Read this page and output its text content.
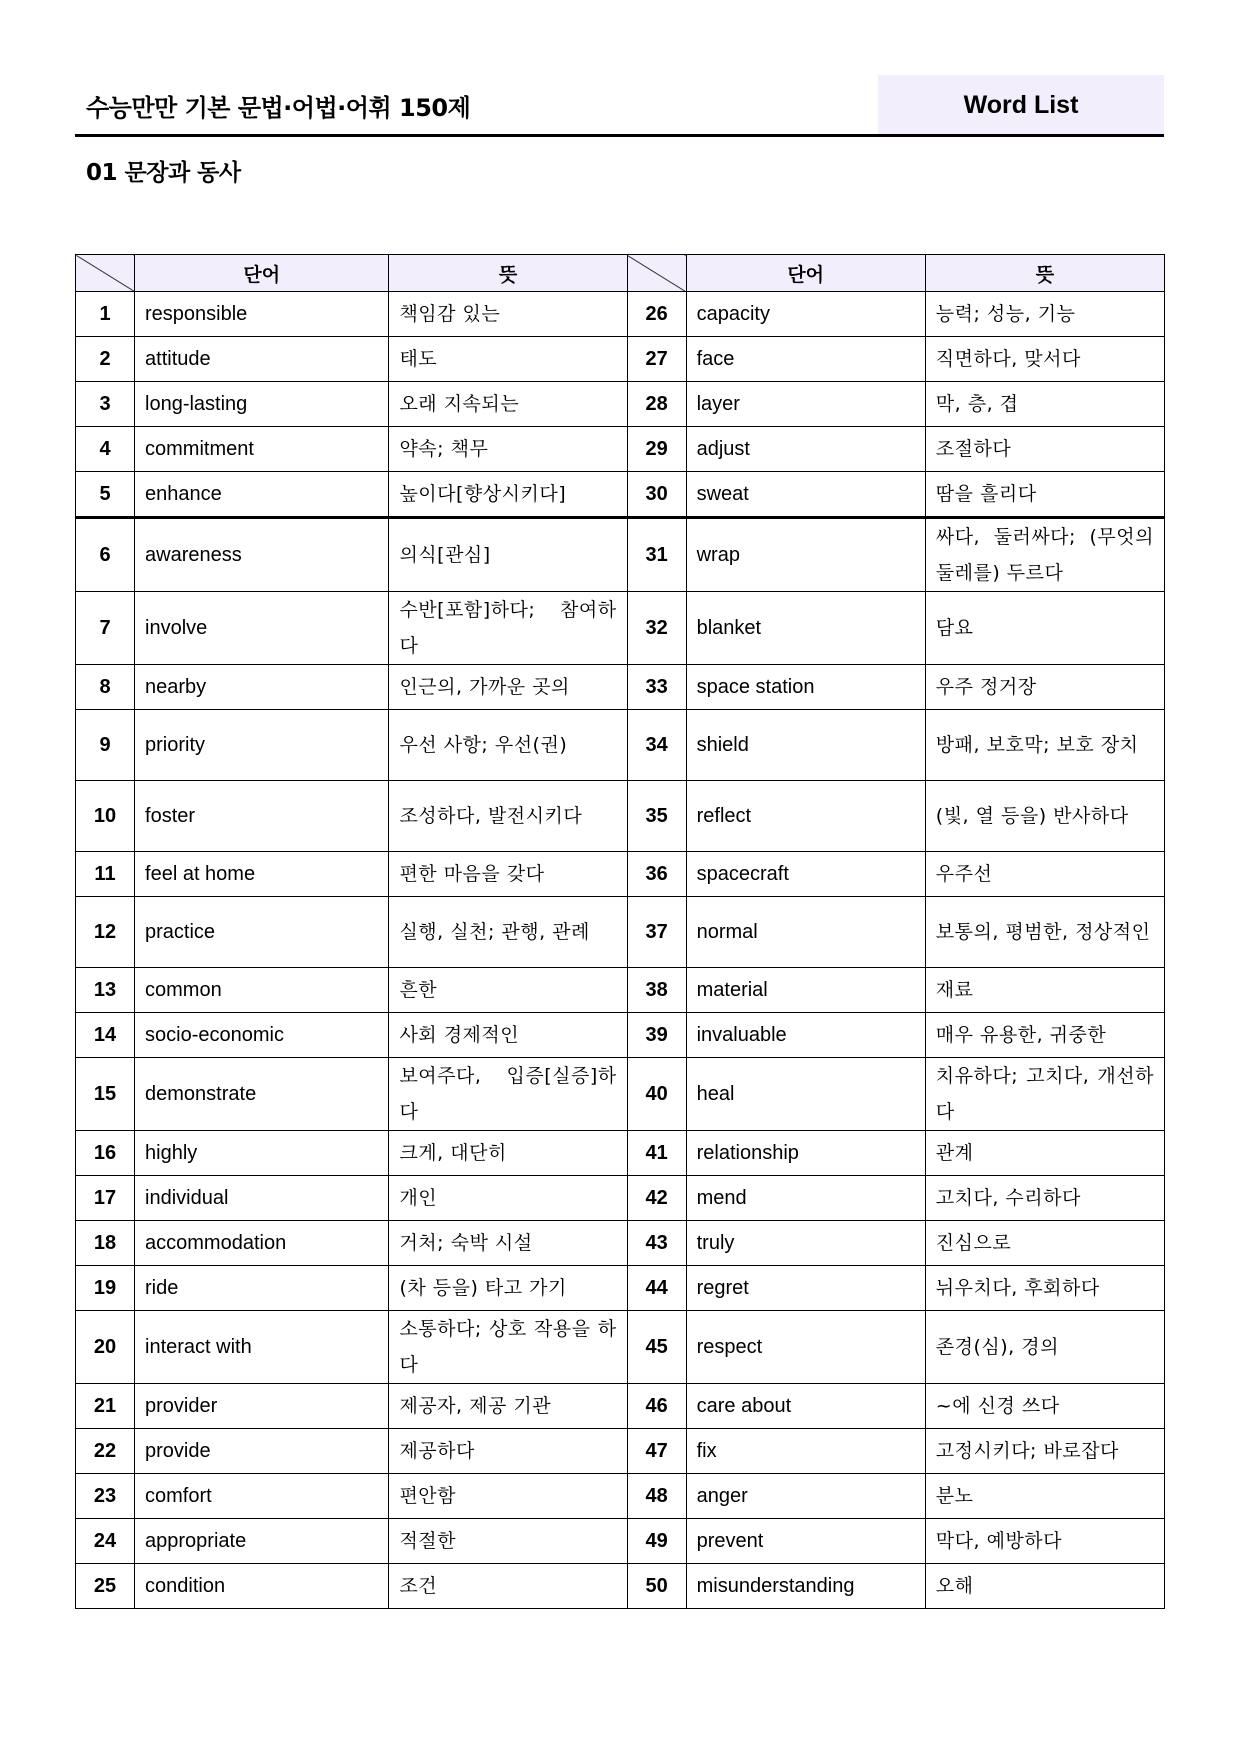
수능만만 기본 문법·어법·어휘 150제	Word List
01 문장과 동사
	단어	뜻		단어	뜻
1	responsible	책임감 있는	26	capacity	능력; 성능, 기능
2	attitude	태도	27	face	직면하다, 맞서다
3	long-lasting	오래 지속되는	28	layer	막, 층, 겹
4	commitment	약속; 책무	29	adjust	조절하다
5	enhance	높이다[향상시키다]	30	sweat	땀을 흘리다
6	awareness	의식[관심]	31	wrap	싸다, 둘러싸다; (무엇의 둘레를) 두르다
7	involve	수반[포함]하다; 참여하다	32	blanket	담요
8	nearby	인근의, 가까운 곳의	33	space station	우주 정거장
9	priority	우선 사항; 우선(권)	34	shield	방패, 보호막; 보호 장치
10	foster	조성하다, 발전시키다	35	reflect	(빛, 열 등을) 반사하다
11	feel at home	편한 마음을 갖다	36	spacecraft	우주선
12	practice	실행, 실천; 관행, 관례	37	normal	보통의, 평범한, 정상적인
13	common	흔한	38	material	재료
14	socio-economic	사회 경제적인	39	invaluable	매우 유용한, 귀중한
15	demonstrate	보여주다, 입증[실증]하다	40	heal	치유하다; 고치다, 개선하다
16	highly	크게, 대단히	41	relationship	관계
17	individual	개인	42	mend	고치다, 수리하다
18	accommodation	거처; 숙박 시설	43	truly	진심으로
19	ride	(차 등을) 타고 가기	44	regret	뉘우치다, 후회하다
20	interact with	소통하다; 상호 작용을 하다	45	respect	존경(심), 경의
21	provider	제공자, 제공 기관	46	care about	~에 신경 쓰다
22	provide	제공하다	47	fix	고정시키다; 바로잡다
23	comfort	편안함	48	anger	분노
24	appropriate	적절한	49	prevent	막다, 예방하다
25	condition	조건	50	misunderstanding	오해
